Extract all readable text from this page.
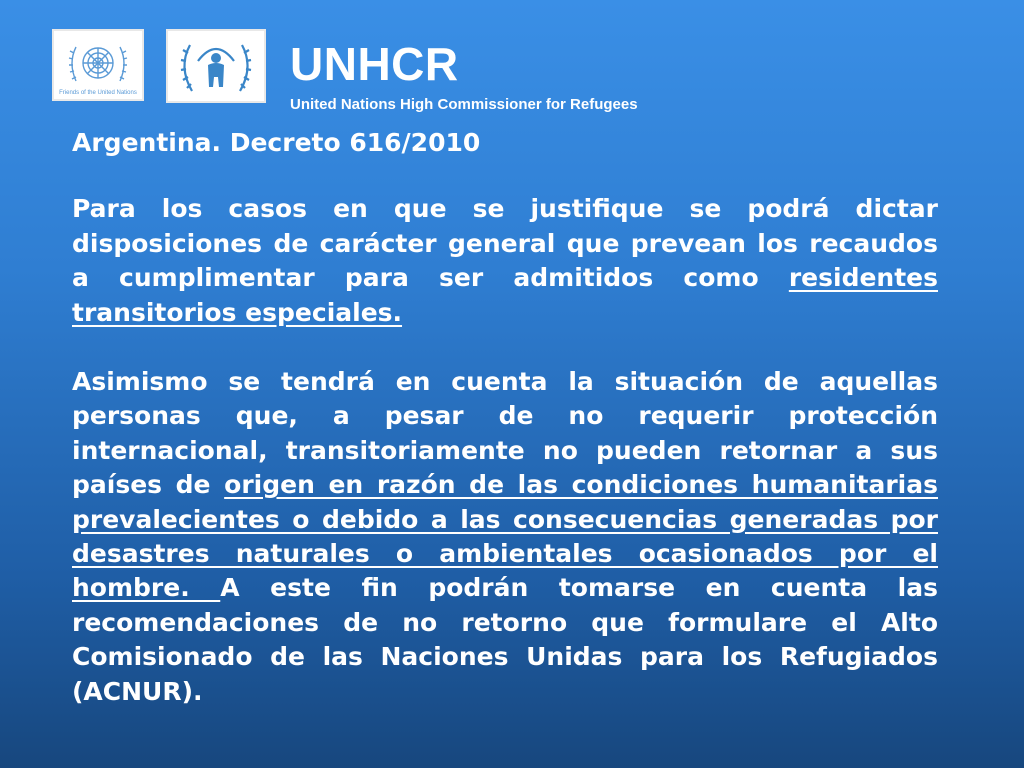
Friends of the United Nations
UNHCR
United Nations High Commissioner for Refugees

Argentina. Decreto 616/2010

Para los casos en que se justifique se podrá dictar disposiciones de carácter general que prevean los recaudos a cumplimentar para ser admitidos como residentes transitorios especiales.

Asimismo se tendrá en cuenta la situación de aquellas personas que, a pesar de no requerir protección internacional, transitoriamente no pueden retornar a sus países de origen en razón de las condiciones humanitarias prevalecientes o debido a las consecuencias generadas por desastres naturales o ambientales ocasionados por el hombre. A este fin podrán tomarse en cuenta las recomendaciones de no retorno que formulare el Alto Comisionado de las Naciones Unidas para los Refugiados (ACNUR).
